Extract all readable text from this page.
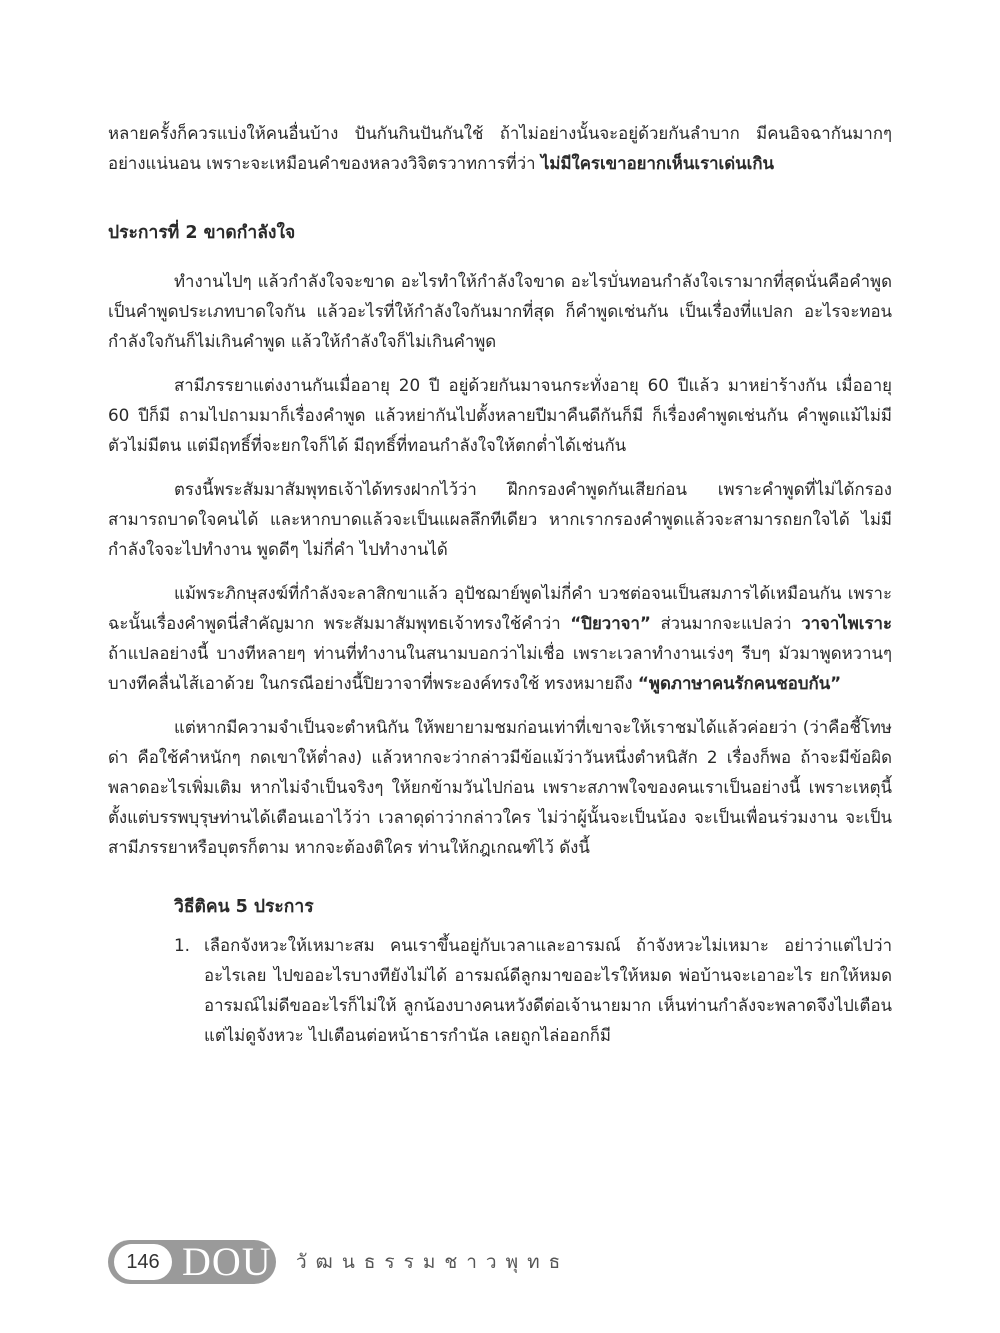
หลายครั้งก็ควรแบ่งให้คนอื่นบ้าง ปันกันกินปันกันใช้ ถ้าไม่อย่างนั้นจะอยู่ด้วยกันลำบาก มีคนอิจฉากันมากๆ อย่างแน่นอน เพราะจะเหมือนคำของหลวงวิจิตรวาทการที่ว่า ไม่มีใครเขาอยากเห็นเราเด่นเกิน

ประการที่ 2 ขาดกำลังใจ

ทำงานไปๆ แล้วกำลังใจจะขาด อะไรทำให้กำลังใจขาด อะไรบั่นทอนกำลังใจเรามากที่สุดนั่นคือคำพูด เป็นคำพูดประเภทบาดใจกัน แล้วอะไรที่ให้กำลังใจกันมากที่สุด ก็คำพูดเช่นกัน เป็นเรื่องที่แปลก อะไรจะทอนกำลังใจกันก็ไม่เกินคำพูด แล้วให้กำลังใจก็ไม่เกินคำพูด

สามีภรรยาแต่งงานกันเมื่ออายุ 20 ปี อยู่ด้วยกันมาจนกระทั่งอายุ 60 ปีแล้ว มาหย่าร้างกัน เมื่ออายุ 60 ปีก็มี ถามไปถามมาก็เรื่องคำพูด แล้วหย่ากันไปตั้งหลายปีมาคืนดีกันก็มี ก็เรื่องคำพูดเช่นกัน คำพูดแม้ไม่มีตัวไม่มีตน แต่มีฤทธิ์ที่จะยกใจก็ได้ มีฤทธิ์ที่ทอนกำลังใจให้ตกต่ำได้เช่นกัน

ตรงนี้พระสัมมาสัมพุทธเจ้าได้ทรงฝากไว้ว่า ฝึกกรองคำพูดกันเสียก่อน เพราะคำพูดที่ไม่ได้กรองสามารถบาดใจคนได้ และหากบาดแล้วจะเป็นแผลลึกทีเดียว หากเรากรองคำพูดแล้วจะสามารถยกใจได้ ไม่มีกำลังใจจะไปทำงาน พูดดีๆ ไม่กี่คำ ไปทำงานได้

แม้พระภิกษุสงฆ์ที่กำลังจะลาสิกขาแล้ว อุปัชฌาย์พูดไม่กี่คำ บวชต่อจนเป็นสมภารได้เหมือนกัน เพราะฉะนั้นเรื่องคำพูดนี่สำคัญมาก พระสัมมาสัมพุทธเจ้าทรงใช้คำว่า “ปิยวาจา” ส่วนมากจะแปลว่า วาจาไพเราะ ถ้าแปลอย่างนี้ บางทีหลายๆ ท่านที่ทำงานในสนามบอกว่าไม่เชื่อ เพราะเวลาทำงานเร่งๆ รีบๆ มัวมาพูดหวานๆ บางทีคลื่นไส้เอาด้วย ในกรณีอย่างนี้ปิยวาจาที่พระองค์ทรงใช้ ทรงหมายถึง “พูดภาษาคนรักคนชอบกัน”

แต่หากมีความจำเป็นจะตำหนิกัน ให้พยายามชมก่อนเท่าที่เขาจะให้เราชมได้แล้วค่อยว่า (ว่าคือชี้โทษ ด่า คือใช้คำหนักๆ กดเขาให้ต่ำลง) แล้วหากจะว่ากล่าวมีข้อแม้ว่าวันหนึ่งตำหนิสัก 2 เรื่องก็พอ ถ้าจะมีข้อผิดพลาดอะไรเพิ่มเติม หากไม่จำเป็นจริงๆ ให้ยกข้ามวันไปก่อน เพราะสภาพใจของคนเราเป็นอย่างนี้ เพราะเหตุนี้ ตั้งแต่บรรพบุรุษท่านได้เตือนเอาไว้ว่า เวลาดุด่าว่ากล่าวใคร ไม่ว่าผู้นั้นจะเป็นน้อง จะเป็นเพื่อนร่วมงาน จะเป็นสามีภรรยาหรือบุตรก็ตาม หากจะต้องติใคร ท่านให้กฎเกณฑ์ไว้ ดังนี้

วิธีติคน 5 ประการ

1. เลือกจังหวะให้เหมาะสม คนเราขึ้นอยู่กับเวลาและอารมณ์ ถ้าจังหวะไม่เหมาะ อย่าว่าแต่ไปว่าอะไรเลย ไปขออะไรบางทียังไม่ได้ อารมณ์ดีลูกมาขออะไรให้หมด พ่อบ้านจะเอาอะไร ยกให้หมด อารมณ์ไม่ดีขออะไรก็ไม่ให้ ลูกน้องบางคนหวังดีต่อเจ้านายมาก เห็นท่านกำลังจะพลาดจึงไปเตือน แต่ไม่ดูจังหวะ ไปเตือนต่อหน้าธารกำนัล เลยถูกไล่ออกก็มี

146 DOU วัฒนธรรมชาวพุทธ
